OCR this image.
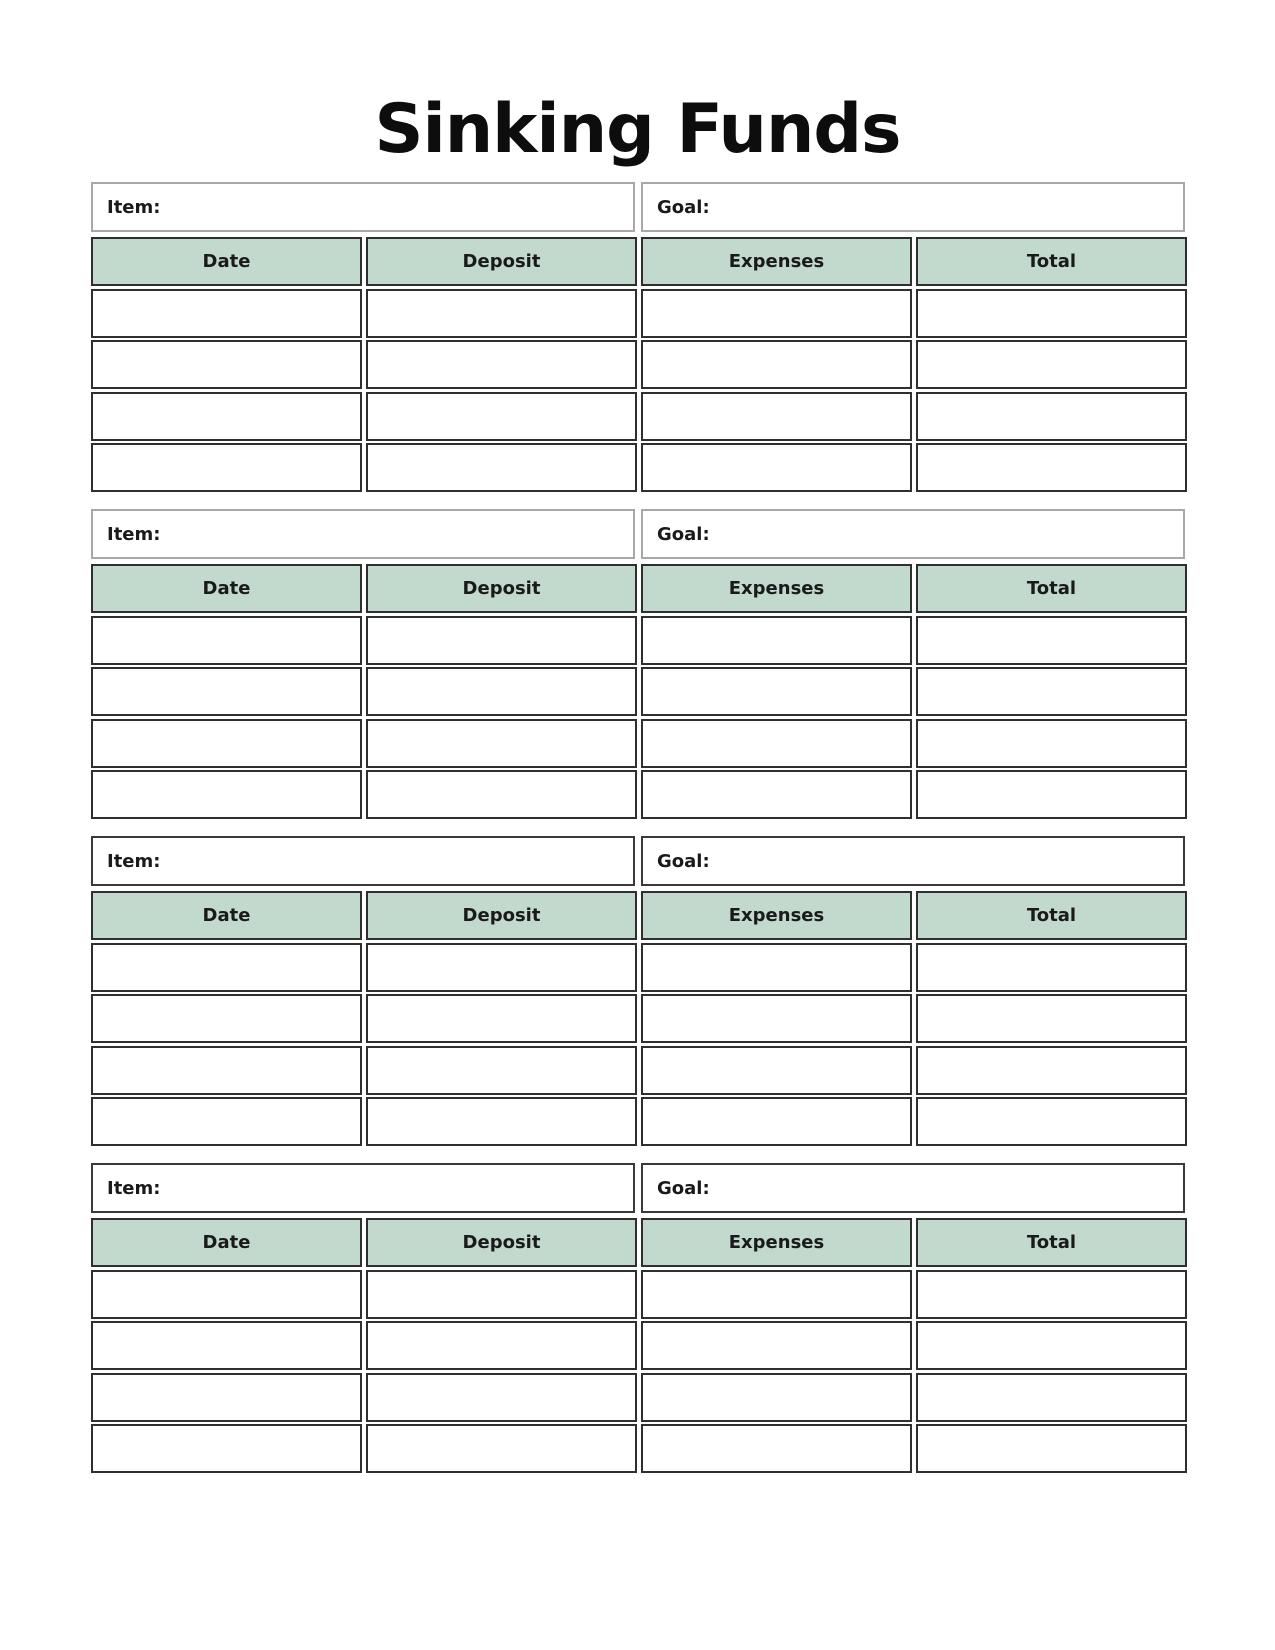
Sinking Funds
Item:	Goal:
Date	Deposit	Expenses	Total
Item:	Goal:
Date	Deposit	Expenses	Total
Item:	Goal:
Date	Deposit	Expenses	Total
Item:	Goal:
Date	Deposit	Expenses	Total
